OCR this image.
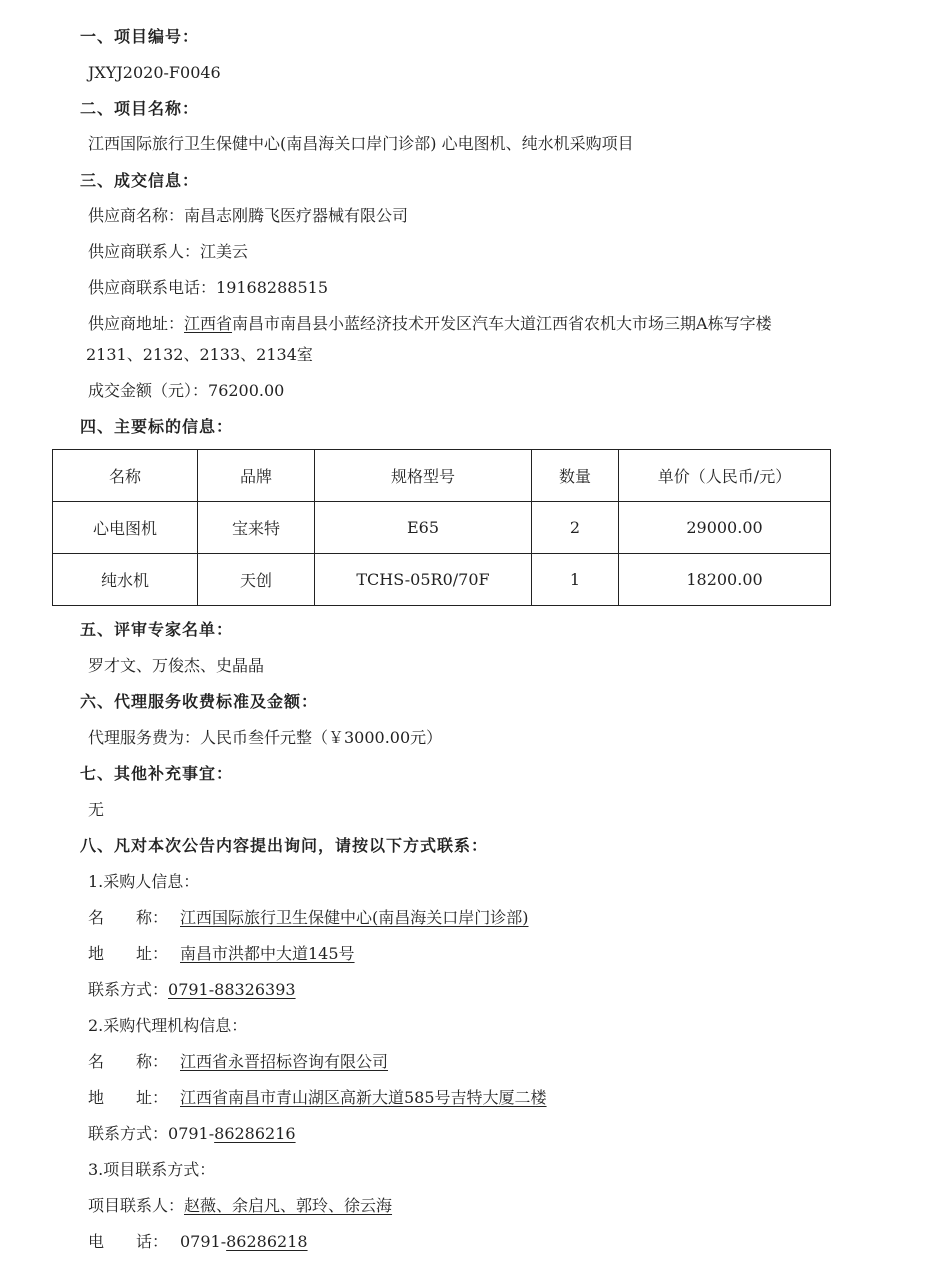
一、项目编号：
JXYJ2020-F0046
二、项目名称：
江西国际旅行卫生保健中心(南昌海关口岸门诊部) 心电图机、纯水机采购项目
三、成交信息：
供应商名称：南昌志刚腾飞医疗器械有限公司
供应商联系人：江美云
供应商联系电话：19168288515
供应商地址：江西省南昌市南昌县小蓝经济技术开发区汽车大道江西省农机大市场三期A栋写字楼
2131、2132、2133、2134室
成交金额（元）：76200.00
四、主要标的信息：
名称	品牌	规格型号	数量	单价（人民币/元）
心电图机	宝来特	E65	2	29000.00
纯水机	天创	TCHS-05R0/70F	1	18200.00
五、评审专家名单：
罗才文、万俊杰、史晶晶
六、代理服务收费标准及金额：
代理服务费为：人民币叁仟元整（￥3000.00元）
七、其他补充事宜：
无
八、凡对本次公告内容提出询问，请按以下方式联系：
1.采购人信息：
名　　称： 江西国际旅行卫生保健中心(南昌海关口岸门诊部)
地　　址： 南昌市洪都中大道145号
联系方式：0791-88326393
2.采购代理机构信息：
名　　称： 江西省永晋招标咨询有限公司
地　　址： 江西省南昌市青山湖区高新大道585号吉特大厦二楼
联系方式：0791-86286216
3.项目联系方式：
项目联系人：赵薇、余启凡、郭玲、徐云海
电　　话： 0791-86286218
